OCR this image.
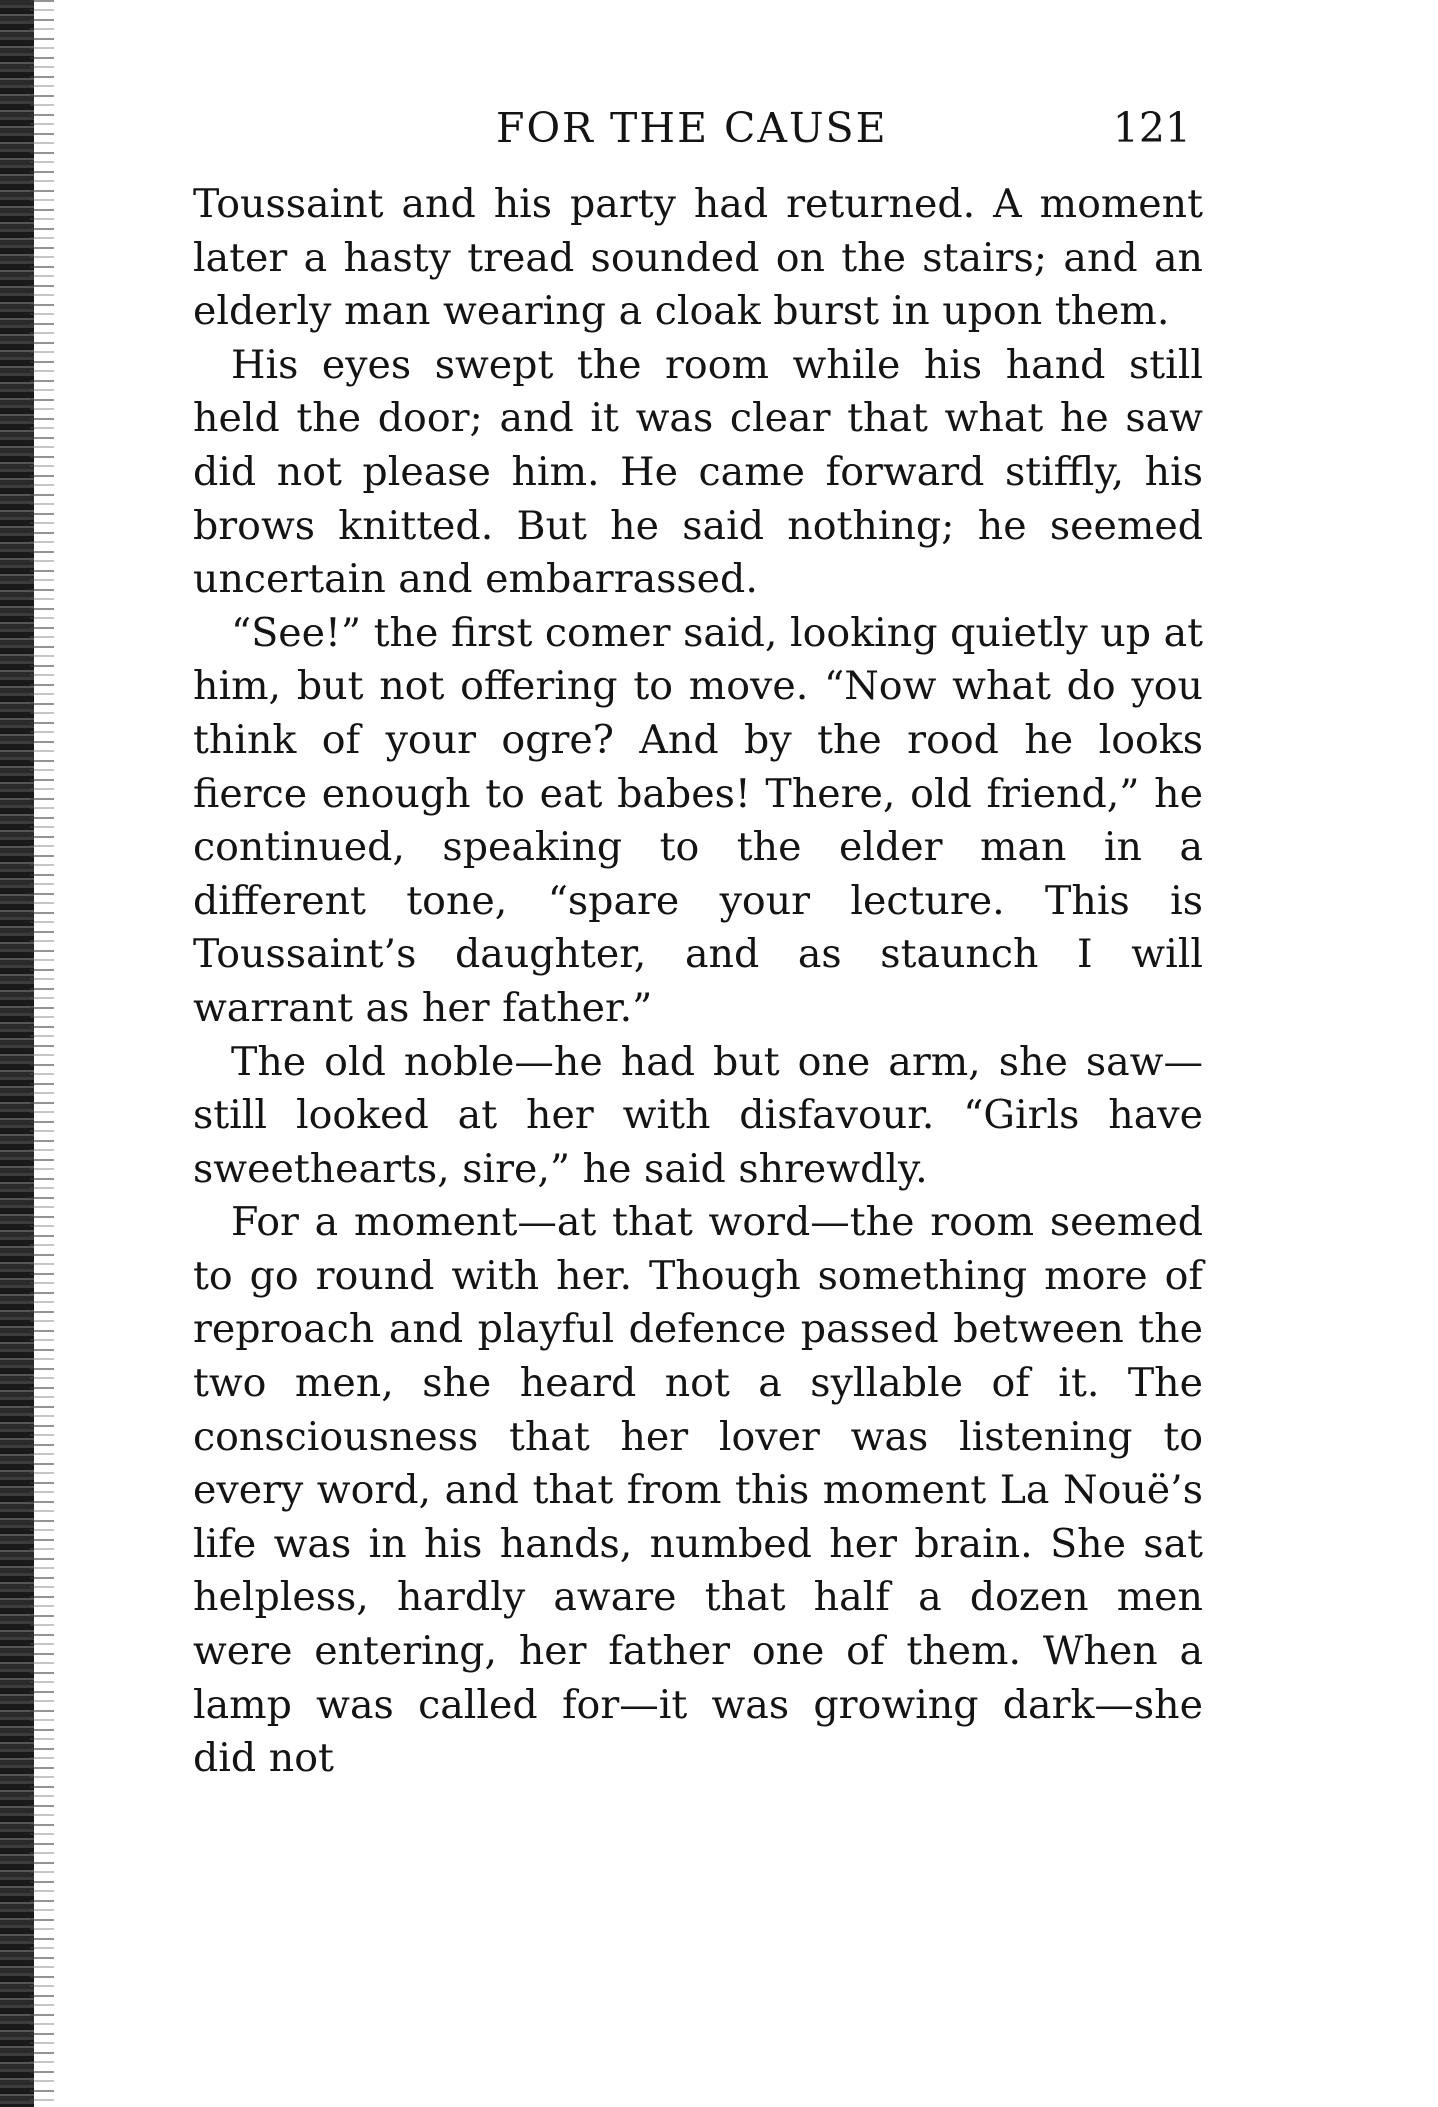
FOR THE CAUSE	121

Toussaint and his party had returned. A moment later a hasty tread sounded on the stairs; and an elderly man wearing a cloak burst in upon them.

His eyes swept the room while his hand still held the door; and it was clear that what he saw did not please him. He came forward stiffly, his brows knitted. But he said nothing; he seemed uncertain and embarrassed.

“See!” the first comer said, looking quietly up at him, but not offering to move. “Now what do you think of your ogre? And by the rood he looks fierce enough to eat babes! There, old friend,” he continued, speaking to the elder man in a different tone, “spare your lecture. This is Toussaint’s daughter, and as staunch I will warrant as her father.”

The old noble—he had but one arm, she saw—still looked at her with disfavour. “Girls have sweethearts, sire,” he said shrewdly.

For a moment—at that word—the room seemed to go round with her. Though something more of reproach and playful defence passed between the two men, she heard not a syllable of it. The consciousness that her lover was listening to every word, and that from this moment La Nouë’s life was in his hands, numbed her brain. She sat helpless, hardly aware that half a dozen men were entering, her father one of them. When a lamp was called for—it was growing dark—she did not
